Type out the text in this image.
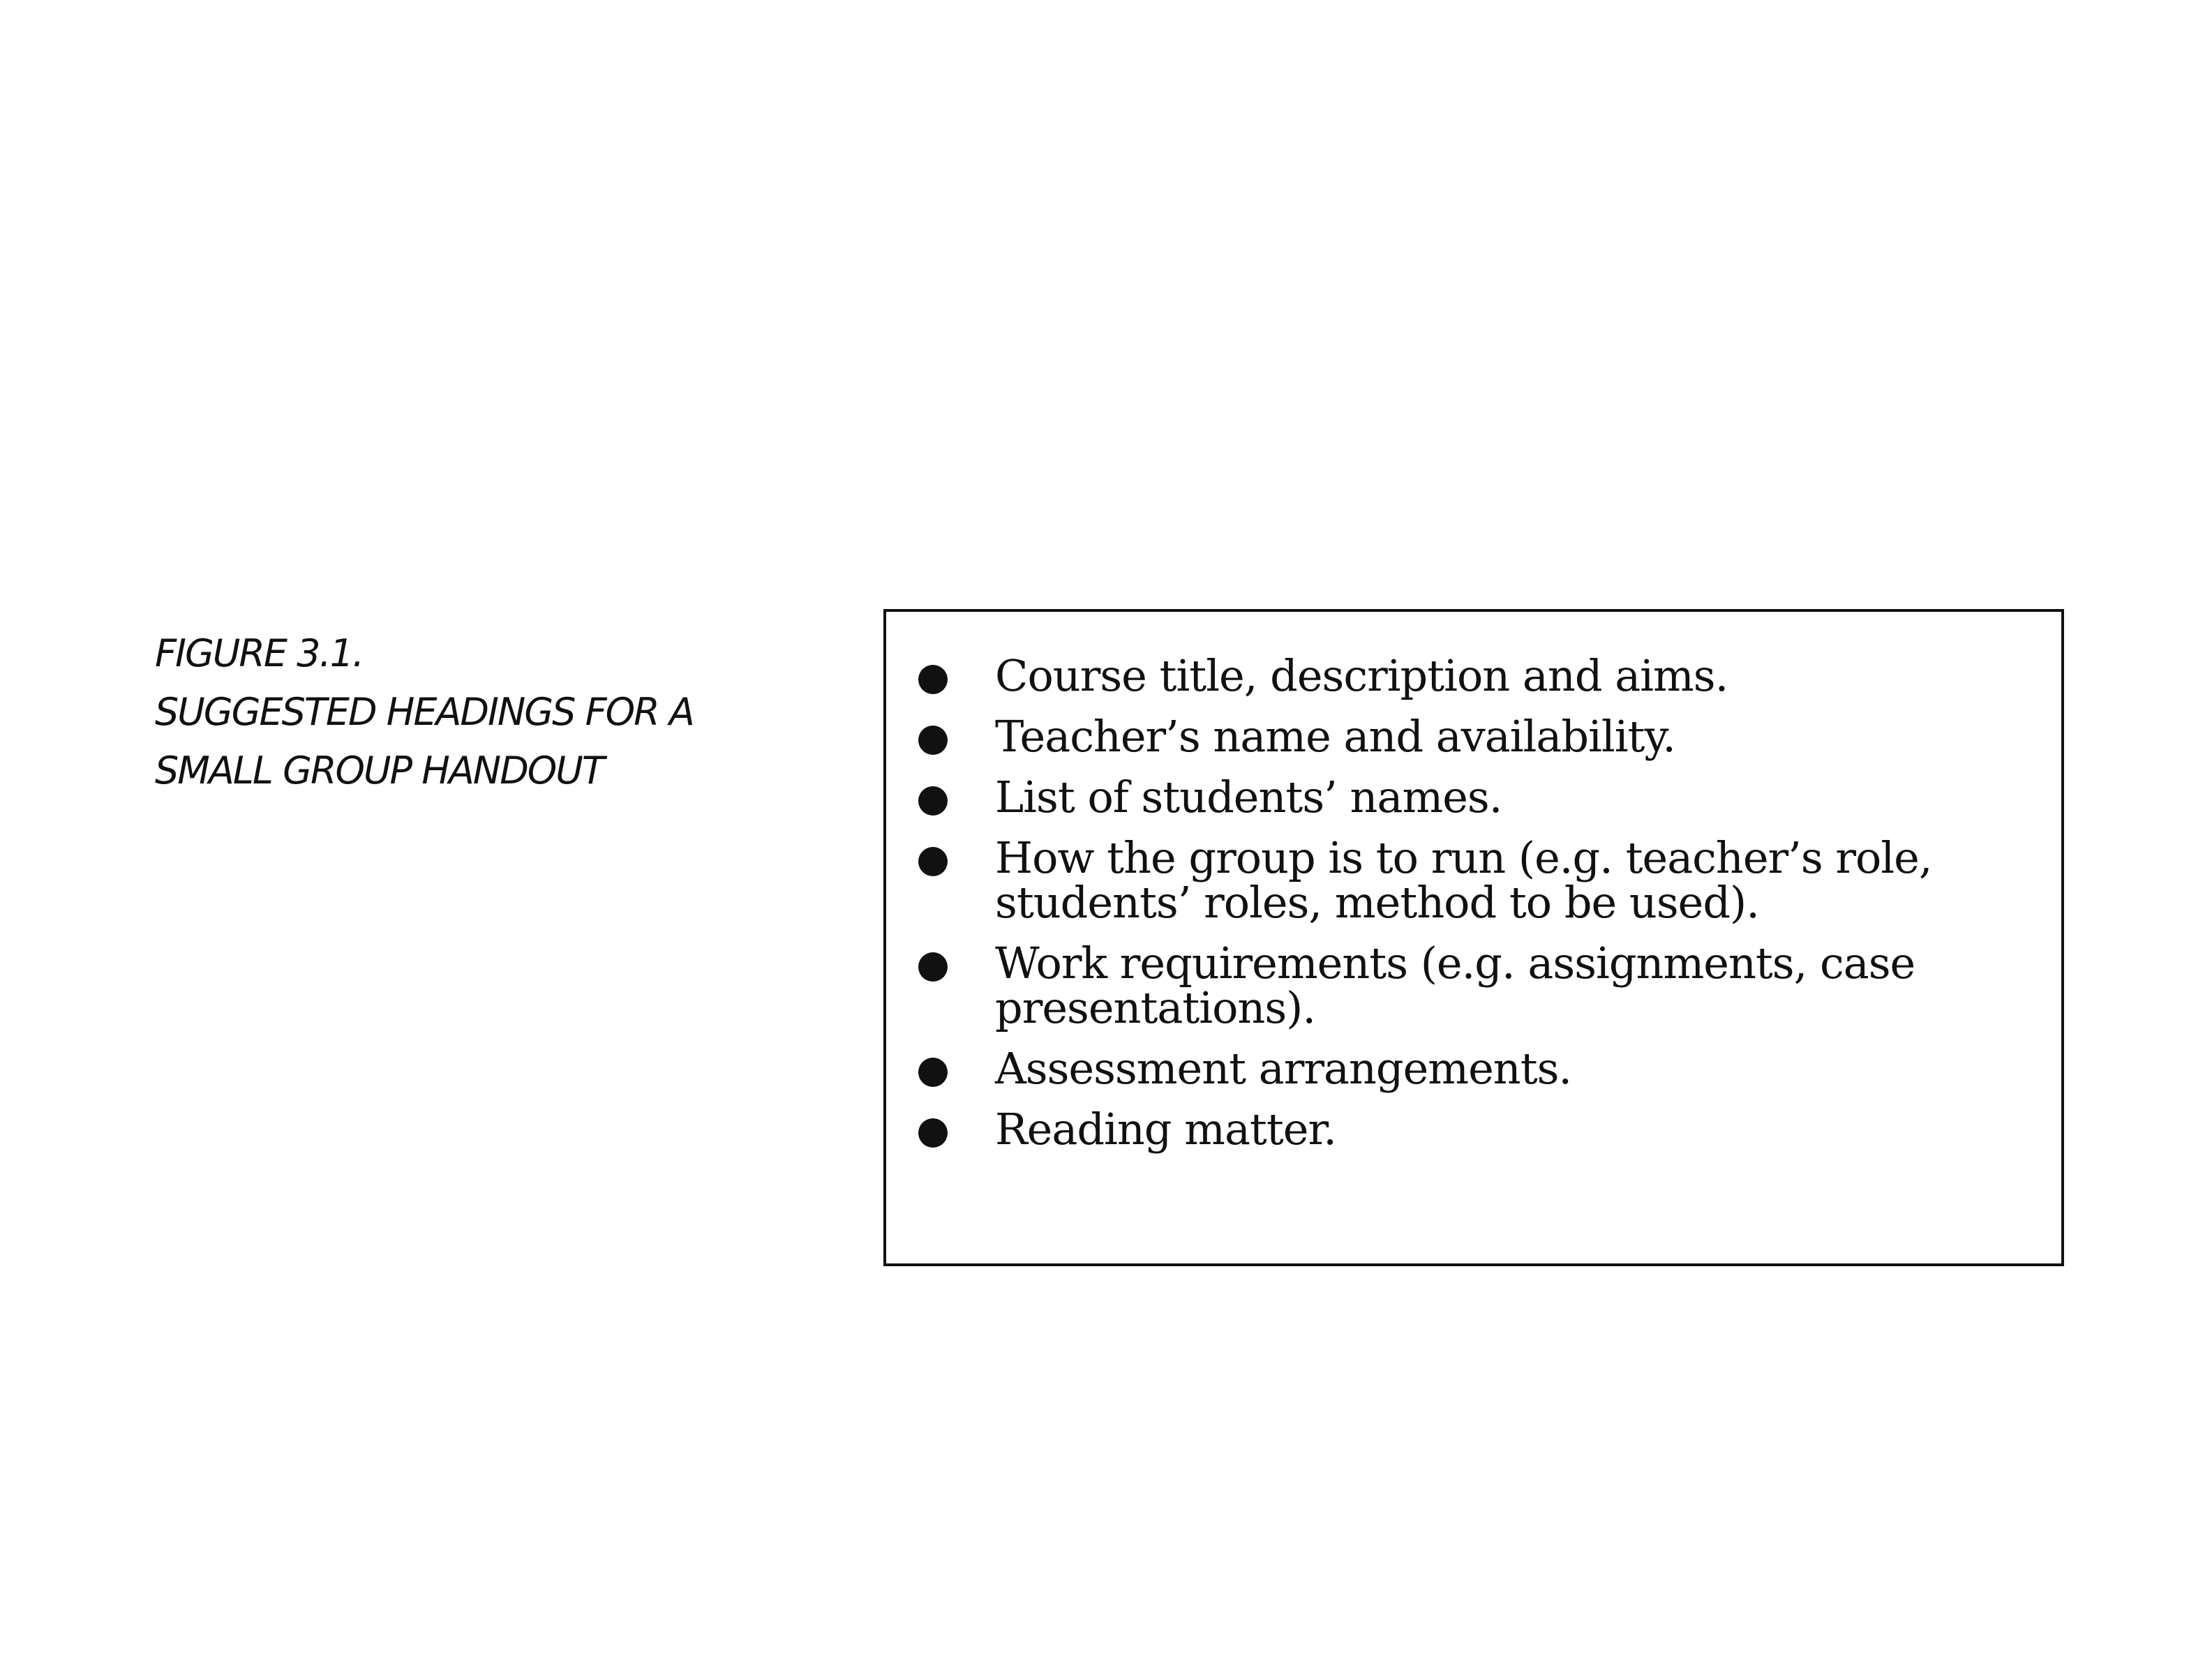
FIGURE 3.1.
SUGGESTED HEADINGS FOR A
SMALL GROUP HANDOUT
Course title, description and aims.
Teacher’s name and availability.
List of students’ names.
How the group is to run (e.g. teacher’s role, students’ roles, method to be used).
Work requirements (e.g. assignments, case presentations).
Assessment arrangements.
Reading matter.
